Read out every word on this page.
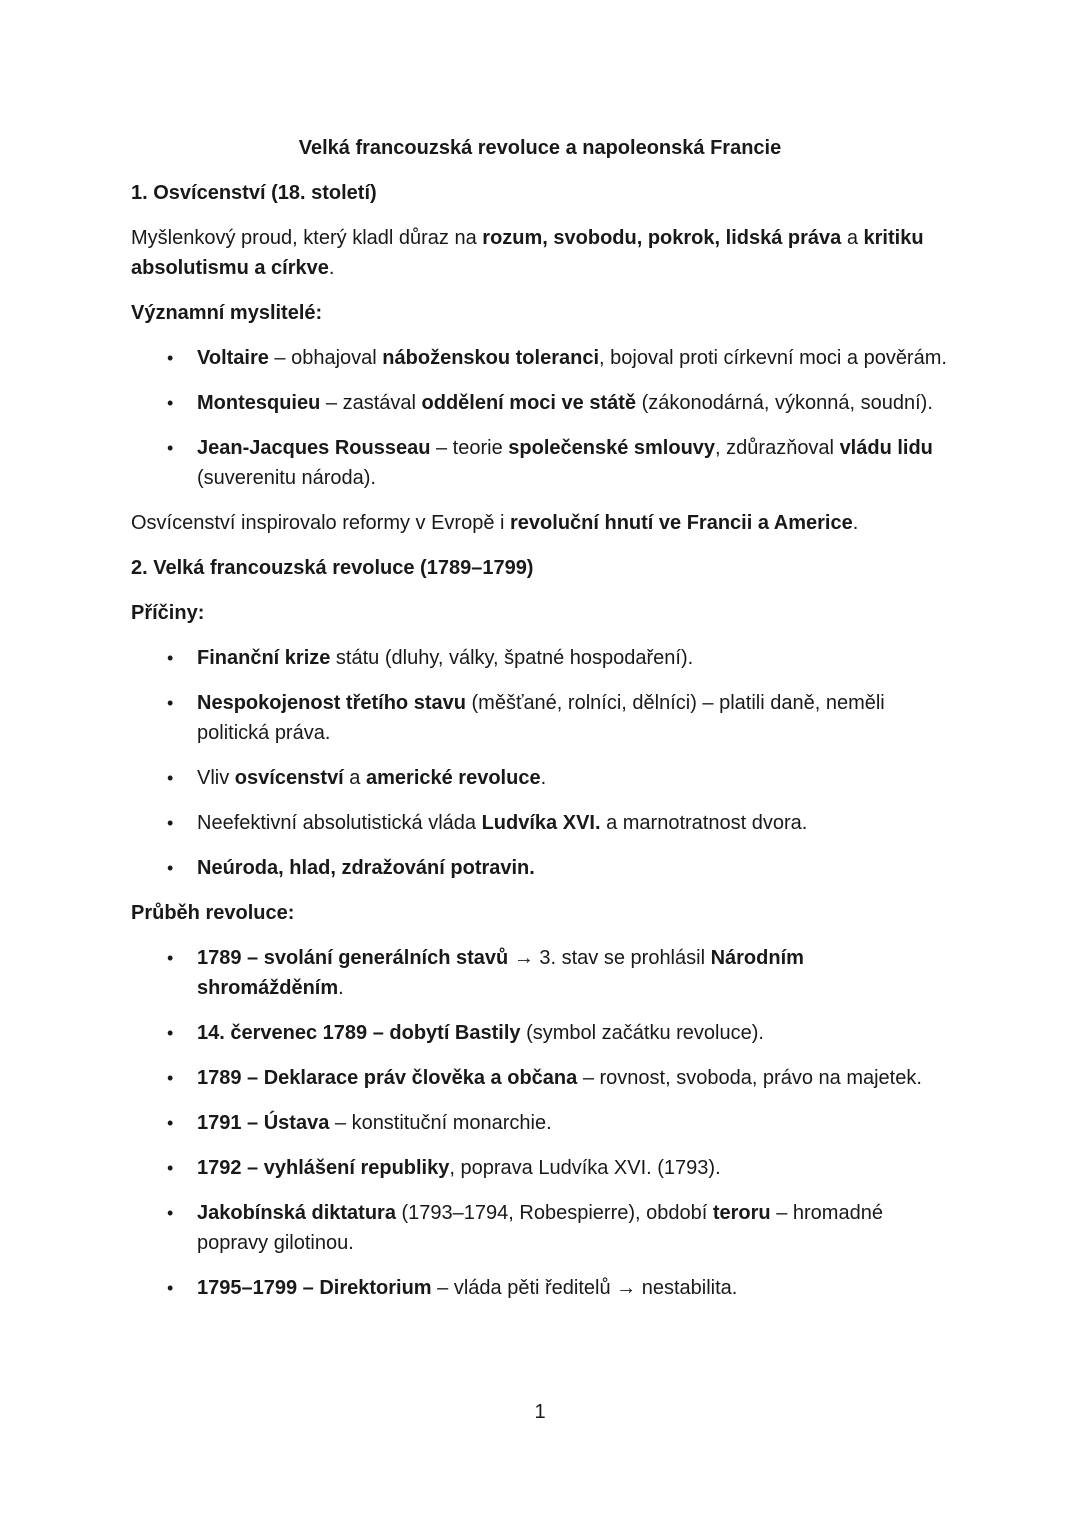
Velká francouzská revoluce a napoleonská Francie

1. Osvícenství (18. století)

Myšlenkový proud, který kladl důraz na rozum, svobodu, pokrok, lidská práva a kritiku absolutismu a církve.

Významní myslitelé:

• Voltaire – obhajoval náboženskou toleranci, bojoval proti církevní moci a pověrám.
• Montesquieu – zastával oddělení moci ve státě (zákonodárná, výkonná, soudní).
• Jean-Jacques Rousseau – teorie společenské smlouvy, zdůrazňoval vládu lidu (suverenitu národa).

Osvícenství inspirovalo reformy v Evropě i revoluční hnutí ve Francii a Americe.

2. Velká francouzská revoluce (1789–1799)

Příčiny:

• Finanční krize státu (dluhy, války, špatné hospodaření).
• Nespokojenost třetího stavu (měšťané, rolníci, dělníci) – platili daně, neměli politická práva.
• Vliv osvícenství a americké revoluce.
• Neefektivní absolutistická vláda Ludvíka XVI. a marnotratnost dvora.
• Neúroda, hlad, zdražování potravin.

Průběh revoluce:

• 1789 – svolání generálních stavů → 3. stav se prohlásil Národním shromážděním.
• 14. červenec 1789 – dobytí Bastily (symbol začátku revoluce).
• 1789 – Deklarace práv člověka a občana – rovnost, svoboda, právo na majetek.
• 1791 – Ústava – konstituční monarchie.
• 1792 – vyhlášení republiky, poprava Ludvíka XVI. (1793).
• Jakobínská diktatura (1793–1794, Robespierre), období teroru – hromadné popravy gilotinou.
• 1795–1799 – Direktorium – vláda pěti ředitelů → nestabilita.
1
